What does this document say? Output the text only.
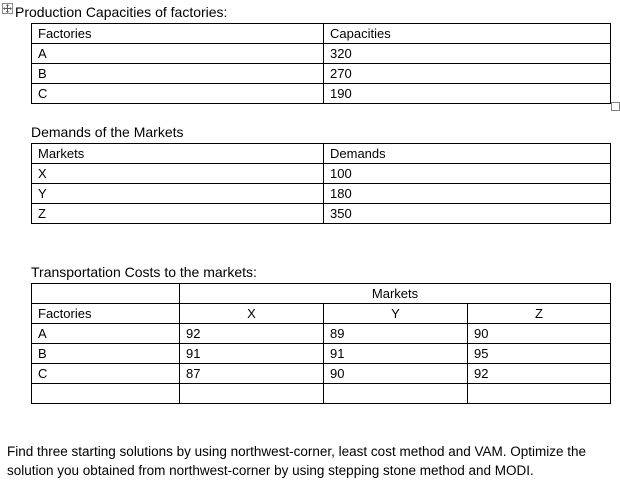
Production Capacities of factories:
Factories	Capacities
A	320
B	270
C	190
Demands of the Markets
Markets	Demands
X	100
Y	180
Z	350
Transportation Costs to the markets:
	Markets		
Factories	X	Y	Z
A	92	89	90
B	91	91	95
C	87	90	92

Find three starting solutions by using northwest-corner, least cost method and VAM. Optimize the solution you obtained from northwest-corner by using stepping stone method and MODI.
